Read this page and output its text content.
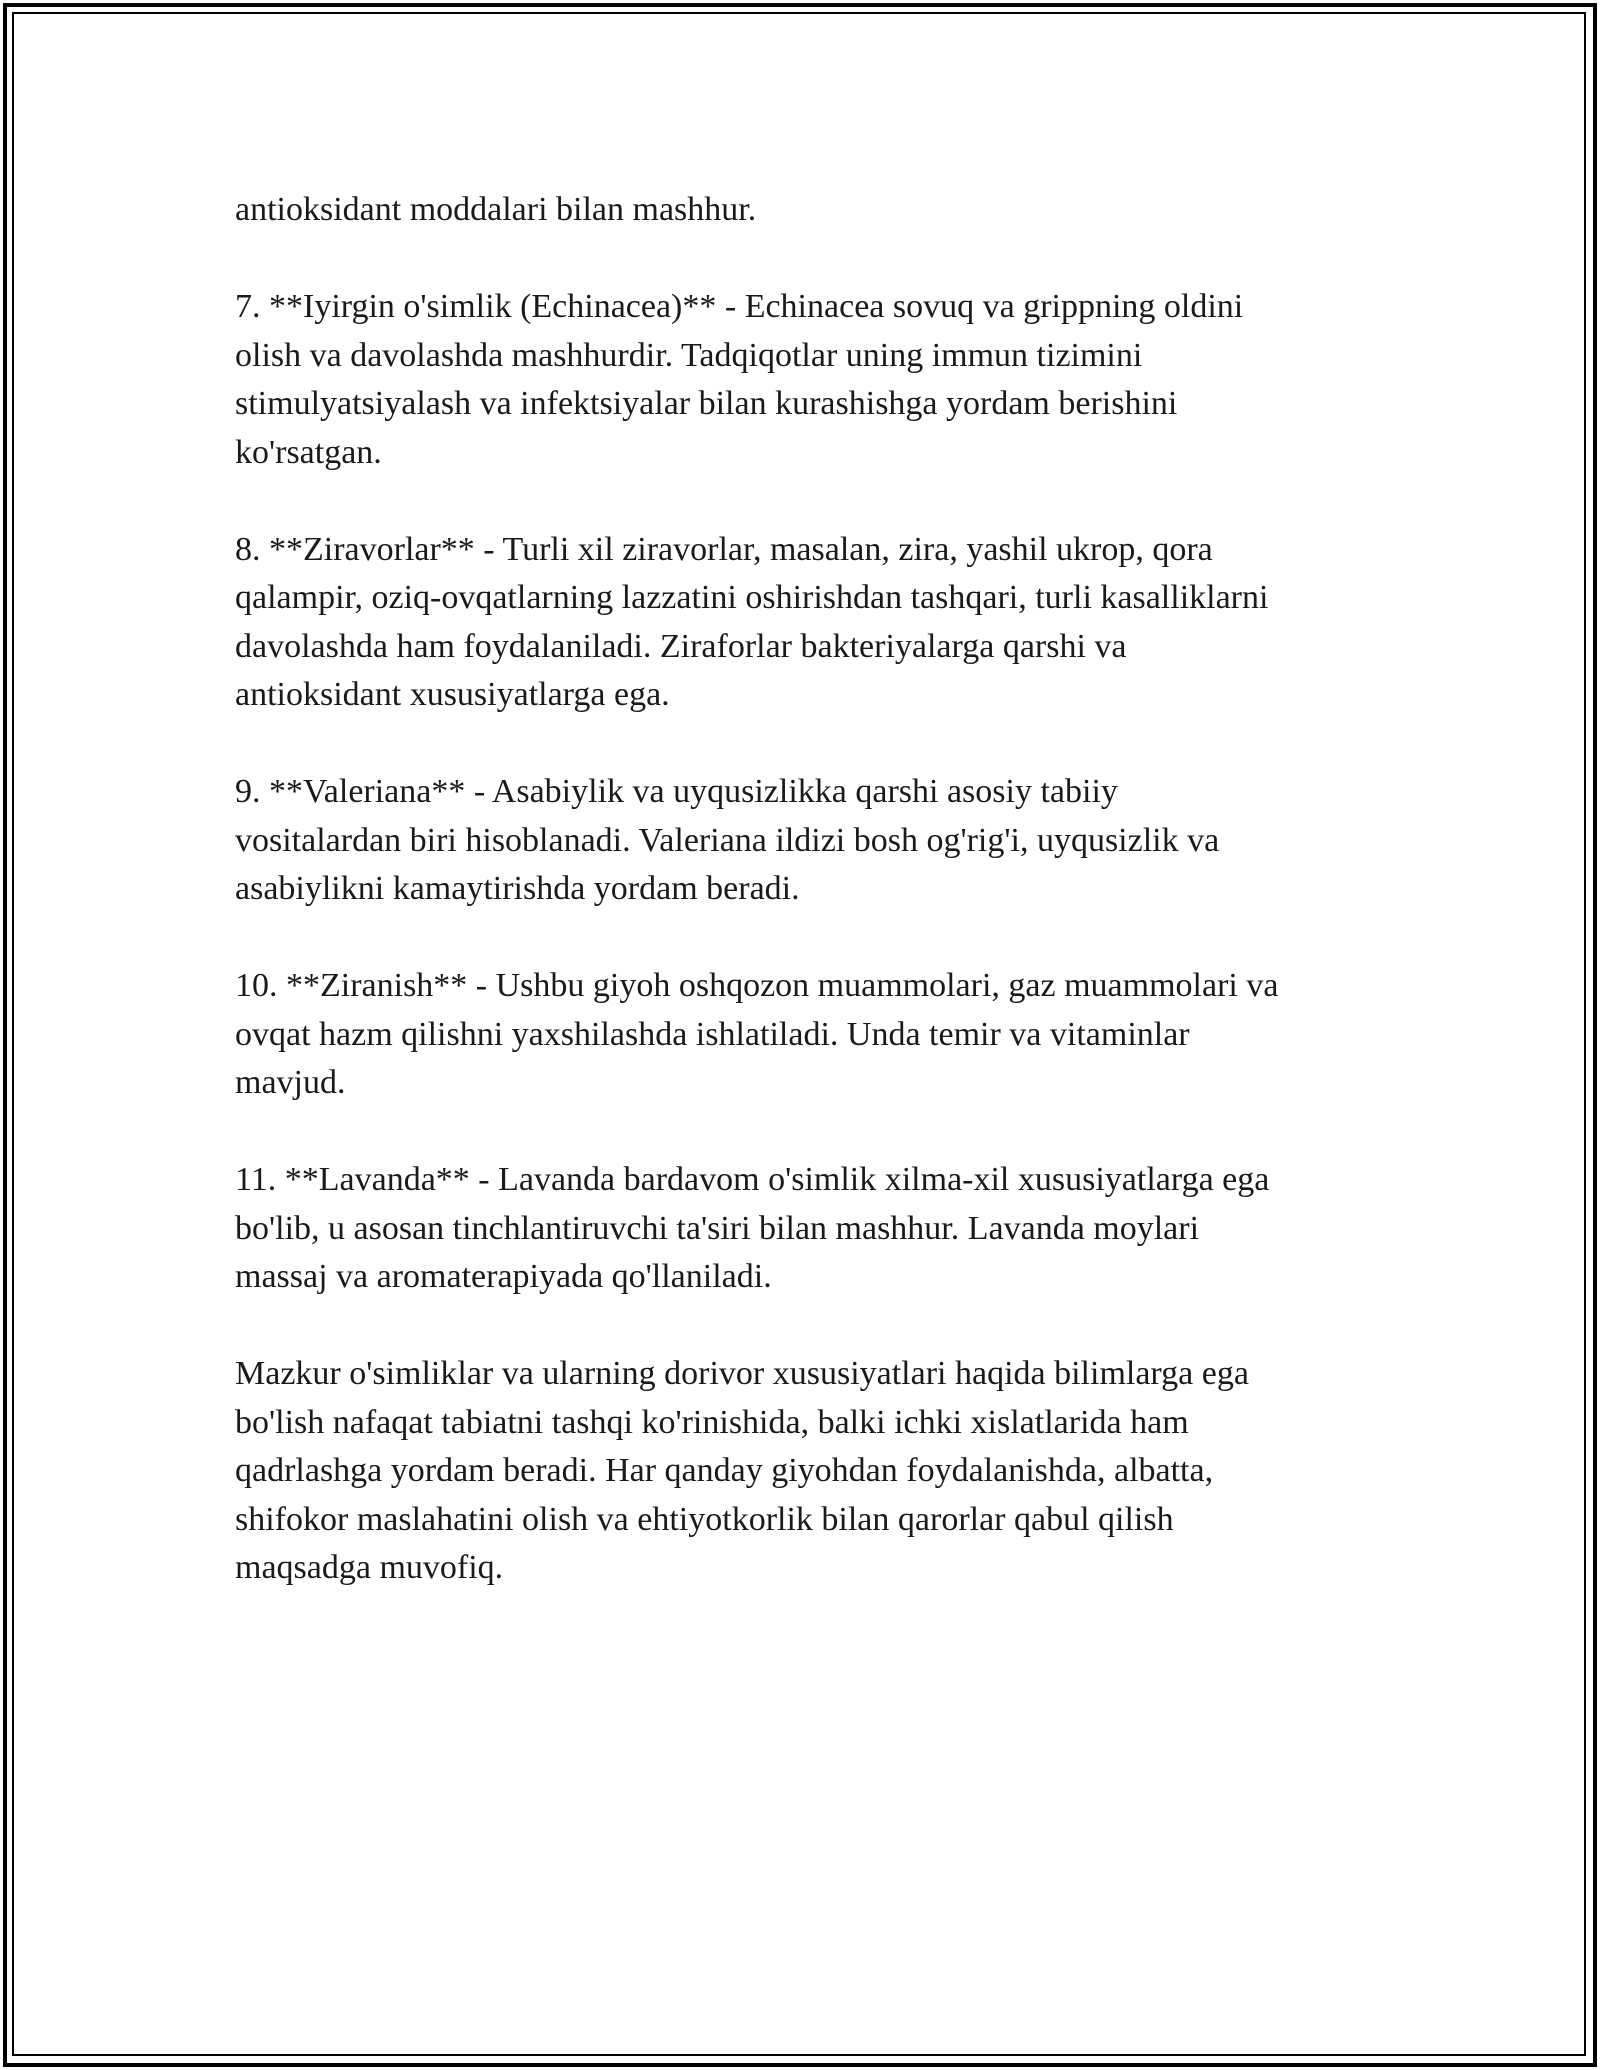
antioksidant moddalari bilan mashhur.

7. **Iyirgin o'simlik (Echinacea)** - Echinacea sovuq va grippning oldini
olish va davolashda mashhurdir. Tadqiqotlar uning immun tizimini
stimulyatsiyalash va infektsiyalar bilan kurashishga yordam berishini
ko'rsatgan.

8. **Ziravorlar** - Turli xil ziravorlar, masalan, zira, yashil ukrop, qora
qalampir, oziq-ovqatlarning lazzatini oshirishdan tashqari, turli kasalliklarni
davolashda ham foydalaniladi. Ziraforlar bakteriyalarga qarshi va
antioksidant xususiyatlarga ega.

9. **Valeriana** - Asabiylik va uyqusizlikka qarshi asosiy tabiiy
vositalardan biri hisoblanadi. Valeriana ildizi bosh og'rig'i, uyqusizlik va
asabiylikni kamaytirishda yordam beradi.

10. **Ziranish** - Ushbu giyoh oshqozon muammolari, gaz muammolari va
ovqat hazm qilishni yaxshilashda ishlatiladi. Unda temir va vitaminlar
mavjud.

11. **Lavanda** - Lavanda bardavom o'simlik xilma-xil xususiyatlarga ega
bo'lib, u asosan tinchlantiruvchi ta'siri bilan mashhur. Lavanda moylari
massaj va aromaterapiyada qo'llaniladi.

Mazkur o'simliklar va ularning dorivor xususiyatlari haqida bilimlarga ega
bo'lish nafaqat tabiatni tashqi ko'rinishida, balki ichki xislatlarida ham
qadrlashga yordam beradi. Har qanday giyohdan foydalanishda, albatta,
shifokor maslahatini olish va ehtiyotkorlik bilan qarorlar qabul qilish
maqsadga muvofiq.
